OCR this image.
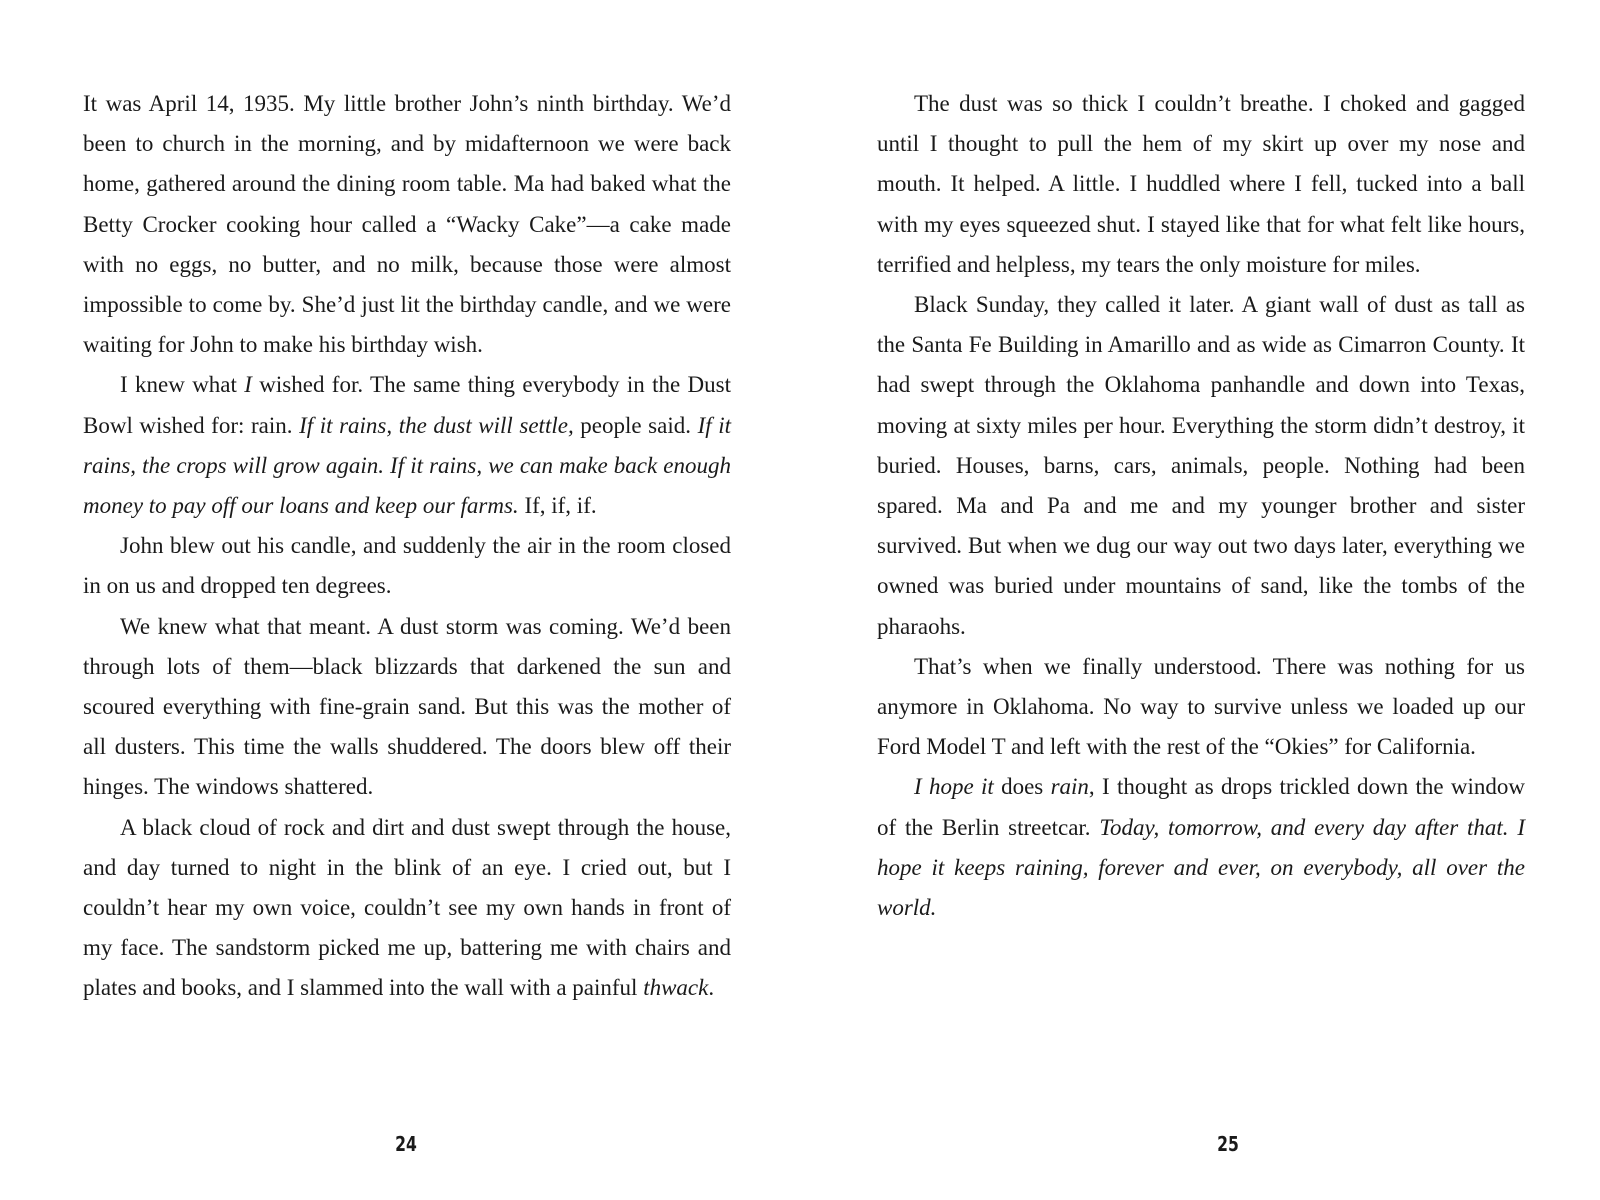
It was April 14, 1935. My little brother John’s ninth birthday. We’d been to church in the morning, and by midafternoon we were back home, gathered around the dining room table. Ma had baked what the Betty Crocker cooking hour called a “Wacky Cake”—a cake made with no eggs, no butter, and no milk, because those were almost impossible to come by. She’d just lit the birthday candle, and we were waiting for John to make his birthday wish.

I knew what I wished for. The same thing everybody in the Dust Bowl wished for: rain. If it rains, the dust will settle, people said. If it rains, the crops will grow again. If it rains, we can make back enough money to pay off our loans and keep our farms. If, if, if.

John blew out his candle, and suddenly the air in the room closed in on us and dropped ten degrees.

We knew what that meant. A dust storm was coming. We’d been through lots of them—black blizzards that darkened the sun and scoured everything with fine-grain sand. But this was the mother of all dusters. This time the walls shuddered. The doors blew off their hinges. The windows shattered.

A black cloud of rock and dirt and dust swept through the house, and day turned to night in the blink of an eye. I cried out, but I couldn’t hear my own voice, couldn’t see my own hands in front of my face. The sandstorm picked me up, battering me with chairs and plates and books, and I slammed into the wall with a painful thwack.

24

The dust was so thick I couldn’t breathe. I choked and gagged until I thought to pull the hem of my skirt up over my nose and mouth. It helped. A little. I huddled where I fell, tucked into a ball with my eyes squeezed shut. I stayed like that for what felt like hours, terrified and helpless, my tears the only moisture for miles.

Black Sunday, they called it later. A giant wall of dust as tall as the Santa Fe Building in Amarillo and as wide as Cimarron County. It had swept through the Oklahoma panhandle and down into Texas, moving at sixty miles per hour. Everything the storm didn’t destroy, it buried. Houses, barns, cars, animals, people. Nothing had been spared. Ma and Pa and me and my younger brother and sister survived. But when we dug our way out two days later, everything we owned was buried under mountains of sand, like the tombs of the pharaohs.

That’s when we finally understood. There was nothing for us anymore in Oklahoma. No way to survive unless we loaded up our Ford Model T and left with the rest of the “Okies” for California.

I hope it does rain, I thought as drops trickled down the window of the Berlin streetcar. Today, tomorrow, and every day after that. I hope it keeps raining, forever and ever, on everybody, all over the world.

25
